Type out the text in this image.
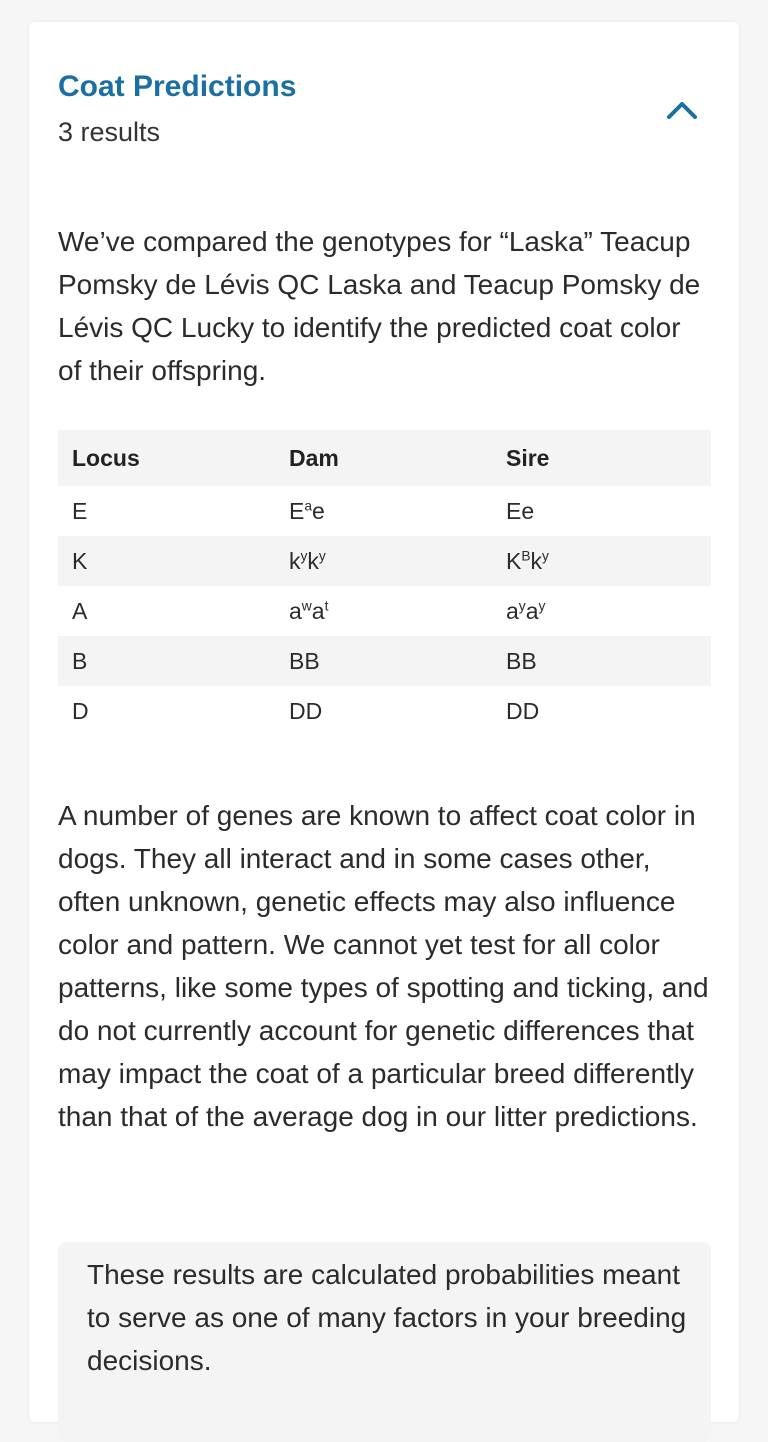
Coat Predictions
3 results
We’ve compared the genotypes for “Laska” Teacup Pomsky de Lévis QC Laska and Teacup Pomsky de Lévis QC Lucky to identify the predicted coat color of their offspring.
Locus	Dam	Sire
E	$E^ae$	Ee
K	$k^yk^y$	$K^Bk^y$
A	$a^wa^t$	$a^ya^y$
B	BB	BB
D	DD	DD
A number of genes are known to affect coat color in dogs. They all interact and in some cases other, often unknown, genetic effects may also influence color and pattern. We cannot yet test for all color patterns, like some types of spotting and ticking, and do not currently account for genetic differences that may impact the coat of a particular breed differently than that of the average dog in our litter predictions.
These results are calculated probabilities meant to serve as one of many factors in your breeding decisions.
